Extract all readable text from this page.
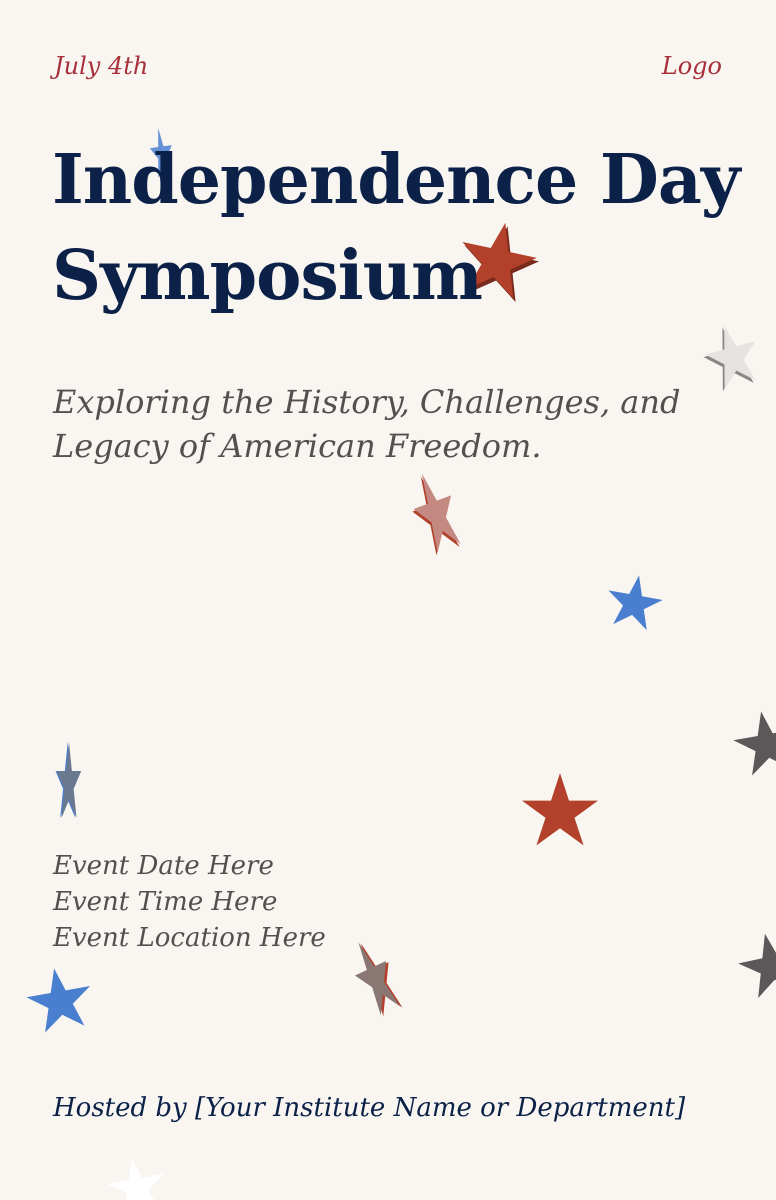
July 4th	Logo
Independence Day
Symposium

Exploring the History, Challenges, and
Legacy of American Freedom.

Event Date Here
Event Time Here
Event Location Here
Hosted by [Your Institute Name or Department]
